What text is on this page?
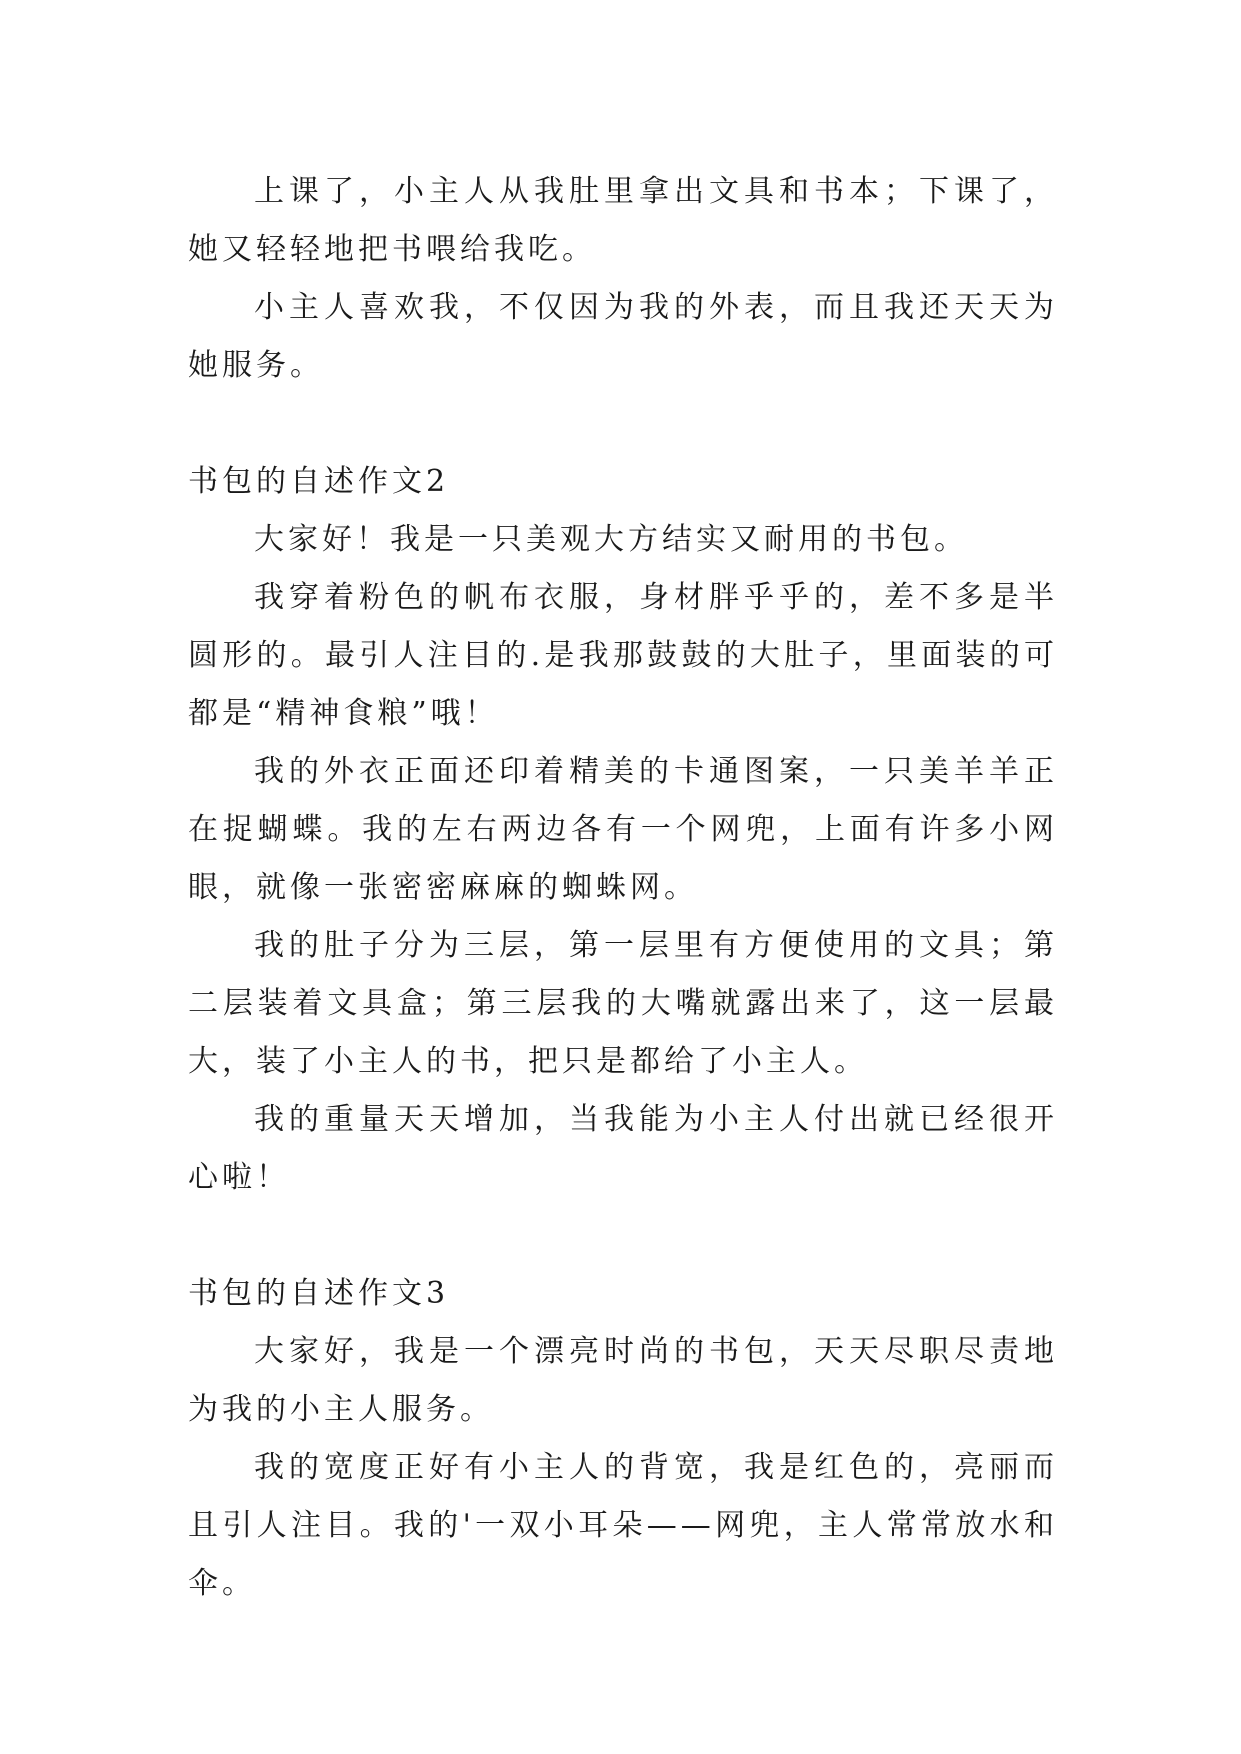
上课了，小主人从我肚里拿出文具和书本；下课了，她又轻轻地把书喂给我吃。

小主人喜欢我，不仅因为我的外表，而且我还天天为她服务。

书包的自述作文2

大家好！我是一只美观大方结实又耐用的书包。

我穿着粉色的帆布衣服，身材胖乎乎的，差不多是半圆形的。最引人注目的.是我那鼓鼓的大肚子，里面装的可都是“精神食粮”哦！

我的外衣正面还印着精美的卡通图案，一只美羊羊正在捉蝴蝶。我的左右两边各有一个网兜，上面有许多小网眼，就像一张密密麻麻的蜘蛛网。

我的肚子分为三层，第一层里有方便使用的文具；第二层装着文具盒；第三层我的大嘴就露出来了，这一层最大，装了小主人的书，把只是都给了小主人。

我的重量天天增加，当我能为小主人付出就已经很开心啦！

书包的自述作文3

大家好，我是一个漂亮时尚的书包，天天尽职尽责地为我的小主人服务。

我的宽度正好有小主人的背宽，我是红色的，亮丽而且引人注目。我的'一双小耳朵——网兜，主人常常放水和伞。
